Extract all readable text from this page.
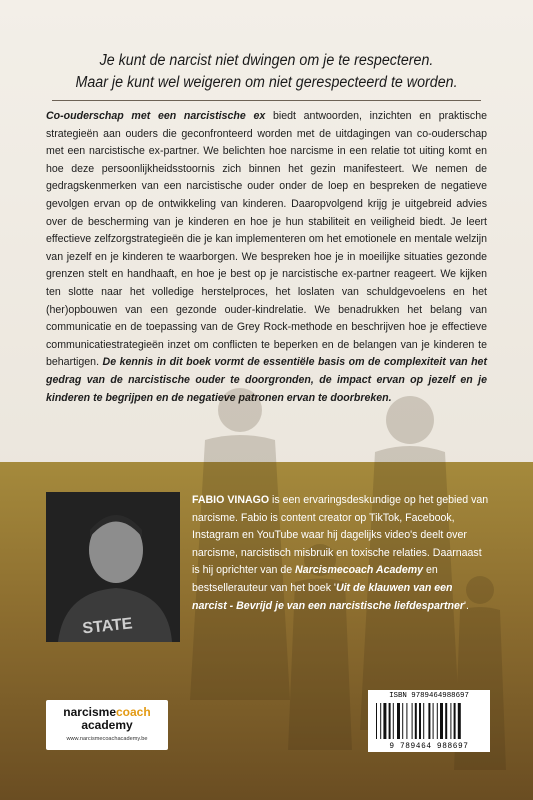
Je kunt de narcist niet dwingen om je te respecteren.
Maar je kunt wel weigeren om niet gerespecteerd te worden.
Co-ouderschap met een narcistische ex biedt antwoorden, inzichten en praktische strategieën aan ouders die geconfronteerd worden met de uitdagingen van co-ouderschap met een narcistische ex-partner. We belichten hoe narcisme in een relatie tot uiting komt en hoe deze persoonlijkheidsstoornis zich binnen het gezin manifesteert. We nemen de gedragskenmerken van een narcistische ouder onder de loep en bespreken de negatieve gevolgen ervan op de ontwikkeling van kinderen. Daaropvolgend krijg je uitgebreid advies over de bescherming van je kinderen en hoe je hun stabiliteit en veiligheid biedt. Je leert effectieve zelfzorgstrategieën die je kan implementeren om het emotionele en mentale welzijn van jezelf en je kinderen te waarborgen. We bespreken hoe je in moeilijke situaties gezonde grenzen stelt en handhaaft, en hoe je best op je narcistische ex-partner reageert. We kijken ten slotte naar het volledige herstelproces, het loslaten van schuldgevoelens en het (her)opbouwen van een gezonde ouder-kindrelatie. We benadrukken het belang van communicatie en de toepassing van de Grey Rock-methode en beschrijven hoe je effectieve communicatiestrategieën inzet om conflicten te beperken en de belangen van je kinderen te behartigen. De kennis in dit boek vormt de essentiële basis om de complexiteit van het gedrag van de narcistische ouder te doorgronden, de impact ervan op jezelf en je kinderen te begrijpen en de negatieve patronen ervan te doorbreken.
STATE
FABIO VINAGO is een ervaringsdeskundige op het gebied van narcisme. Fabio is content creator op TikTok, Facebook, Instagram en YouTube waar hij dagelijks video's deelt over narcisme, narcistisch misbruik en toxische relaties. Daarnaast is hij oprichter van de Narcismecoach Academy en bestsellerauteur van het boek 'Uit de klauwen van een narcist - Bevrijd je van een narcistische liefdespartner'.
narcismecoach
academy
www.narcismecoachacademy.be
ISBN 9789464988697
9 789464 988697
